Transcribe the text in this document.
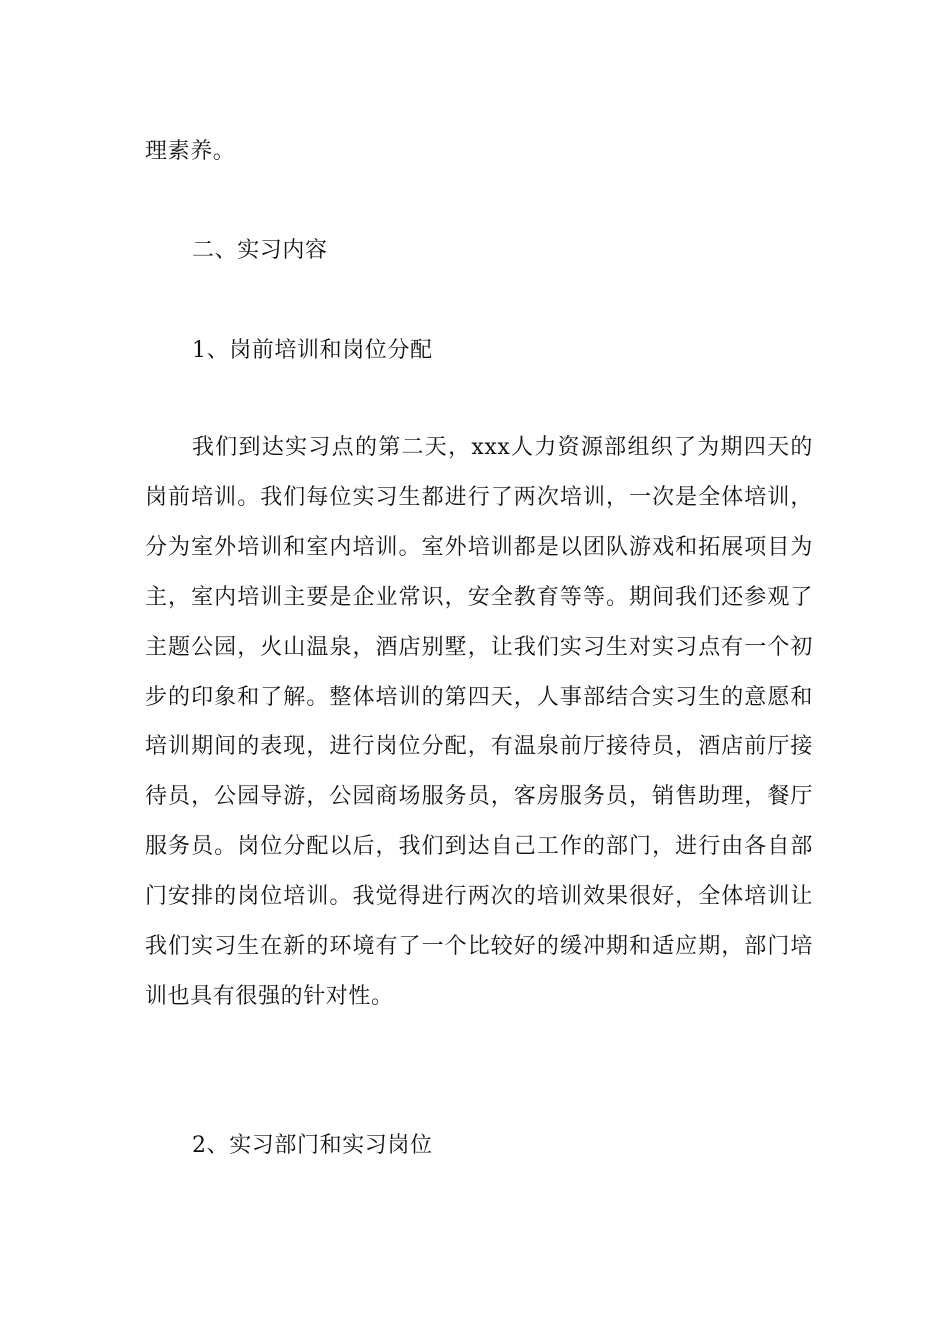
理素养。
二、实习内容
1、岗前培训和岗位分配
我们到达实习点的第二天，xxx人力资源部组织了为期四天的岗前培训。我们每位实习生都进行了两次培训，一次是全体培训，分为室外培训和室内培训。室外培训都是以团队游戏和拓展项目为主，室内培训主要是企业常识，安全教育等等。期间我们还参观了主题公园，火山温泉，酒店别墅，让我们实习生对实习点有一个初步的印象和了解。整体培训的第四天，人事部结合实习生的意愿和培训期间的表现，进行岗位分配，有温泉前厅接待员，酒店前厅接待员，公园导游，公园商场服务员，客房服务员，销售助理，餐厅服务员。岗位分配以后，我们到达自己工作的部门，进行由各自部门安排的岗位培训。我觉得进行两次的培训效果很好，全体培训让我们实习生在新的环境有了一个比较好的缓冲期和适应期，部门培训也具有很强的针对性。
2、实习部门和实习岗位
